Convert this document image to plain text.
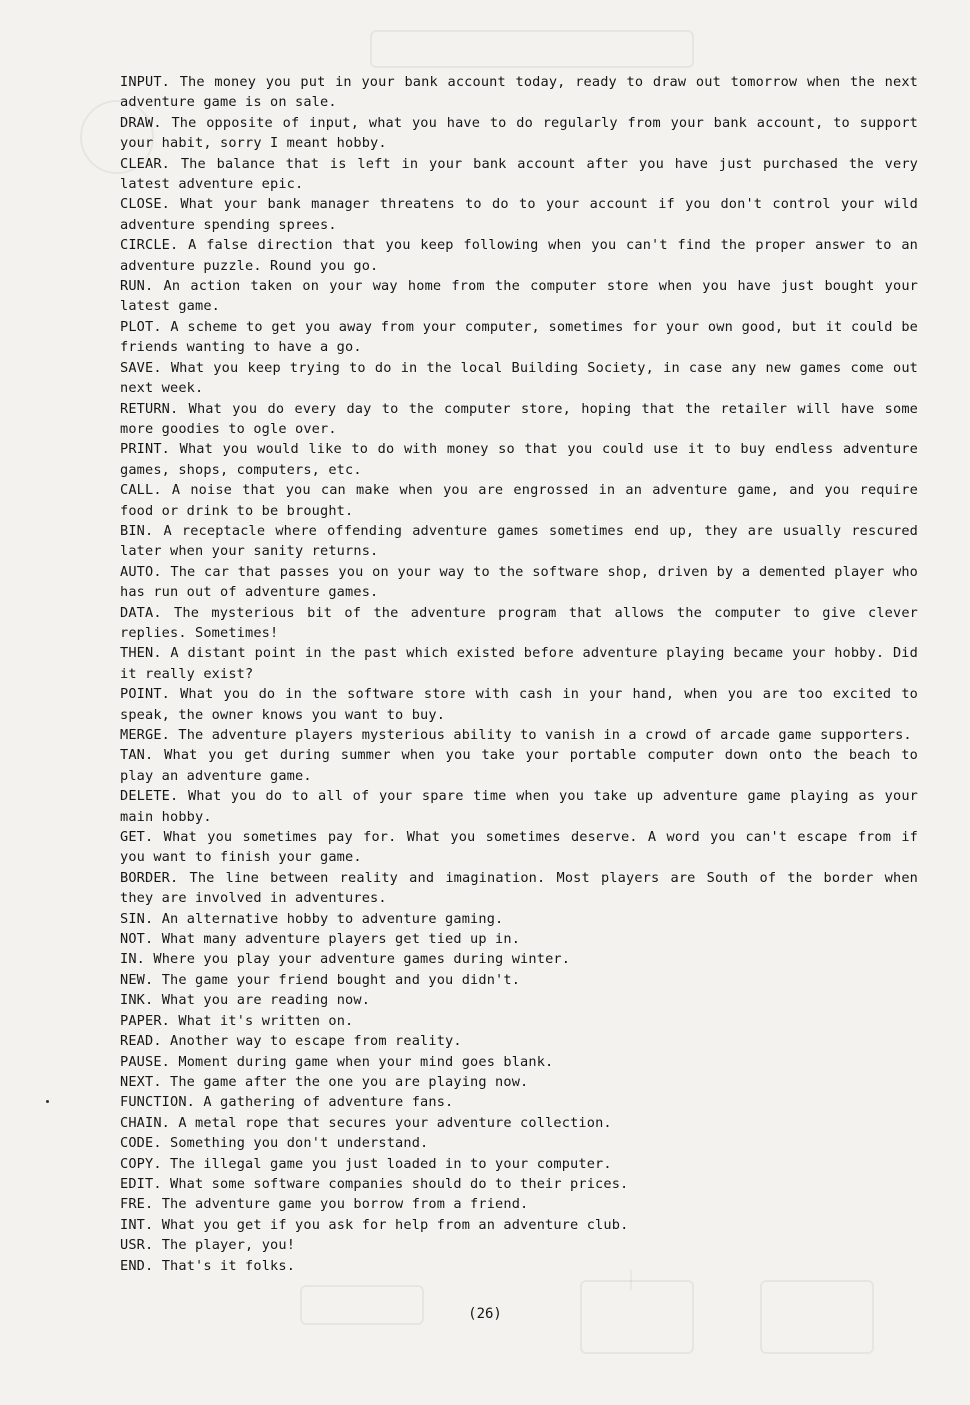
INPUT. The money you put in your bank account today, ready to draw out tomorrow when the next adventure game is on sale.

DRAW. The opposite of input, what you have to do regularly from your bank account, to support your habit, sorry I meant hobby.

CLEAR. The balance that is left in your bank account after you have just purchased the very latest adventure epic.

CLOSE. What your bank manager threatens to do to your account if you don't control your wild adventure spending sprees.

CIRCLE. A false direction that you keep following when you can't find the proper answer to an adventure puzzle. Round you go.

RUN. An action taken on your way home from the computer store when you have just bought your latest game.

PLOT. A scheme to get you away from your computer, sometimes for your own good, but it could be friends wanting to have a go.

SAVE. What you keep trying to do in the local Building Society, in case any new games come out next week.

RETURN. What you do every day to the computer store, hoping that the retailer will have some more goodies to ogle over.

PRINT. What you would like to do with money so that you could use it to buy endless adventure games, shops, computers, etc.

CALL. A noise that you can make when you are engrossed in an adventure game, and you require food or drink to be brought.

BIN. A receptacle where offending adventure games sometimes end up, they are usually rescured later when your sanity returns.

AUTO. The car that passes you on your way to the software shop, driven by a demented player who has run out of adventure games.

DATA. The mysterious bit of the adventure program that allows the computer to give clever replies. Sometimes!

THEN. A distant point in the past which existed before adventure playing became your hobby. Did it really exist?

POINT. What you do in the software store with cash in your hand, when you are too excited to speak, the owner knows you want to buy.

MERGE. The adventure players mysterious ability to vanish in a crowd of arcade game supporters.

TAN. What you get during summer when you take your portable computer down onto the beach to play an adventure game.

DELETE. What you do to all of your spare time when you take up adventure game playing as your main hobby.

GET. What you sometimes pay for. What you sometimes deserve. A word you can't escape from if you want to finish your game.

BORDER. The line between reality and imagination. Most players are South of the border when they are involved in adventures.

SIN. An alternative hobby to adventure gaming.

NOT. What many adventure players get tied up in.

IN. Where you play your adventure games during winter.

NEW. The game your friend bought and you didn't.

INK. What you are reading now.

PAPER. What it's written on.

READ. Another way to escape from reality.

PAUSE. Moment during game when your mind goes blank.

NEXT. The game after the one you are playing now.

FUNCTION. A gathering of adventure fans.

CHAIN. A metal rope that secures your adventure collection.

CODE. Something you don't understand.

COPY. The illegal game you just loaded in to your computer.

EDIT. What some software companies should do to their prices.

FRE. The adventure game you borrow from a friend.

INT. What you get if you ask for help from an adventure club.

USR. The player, you!

END. That's it folks.

(26)
